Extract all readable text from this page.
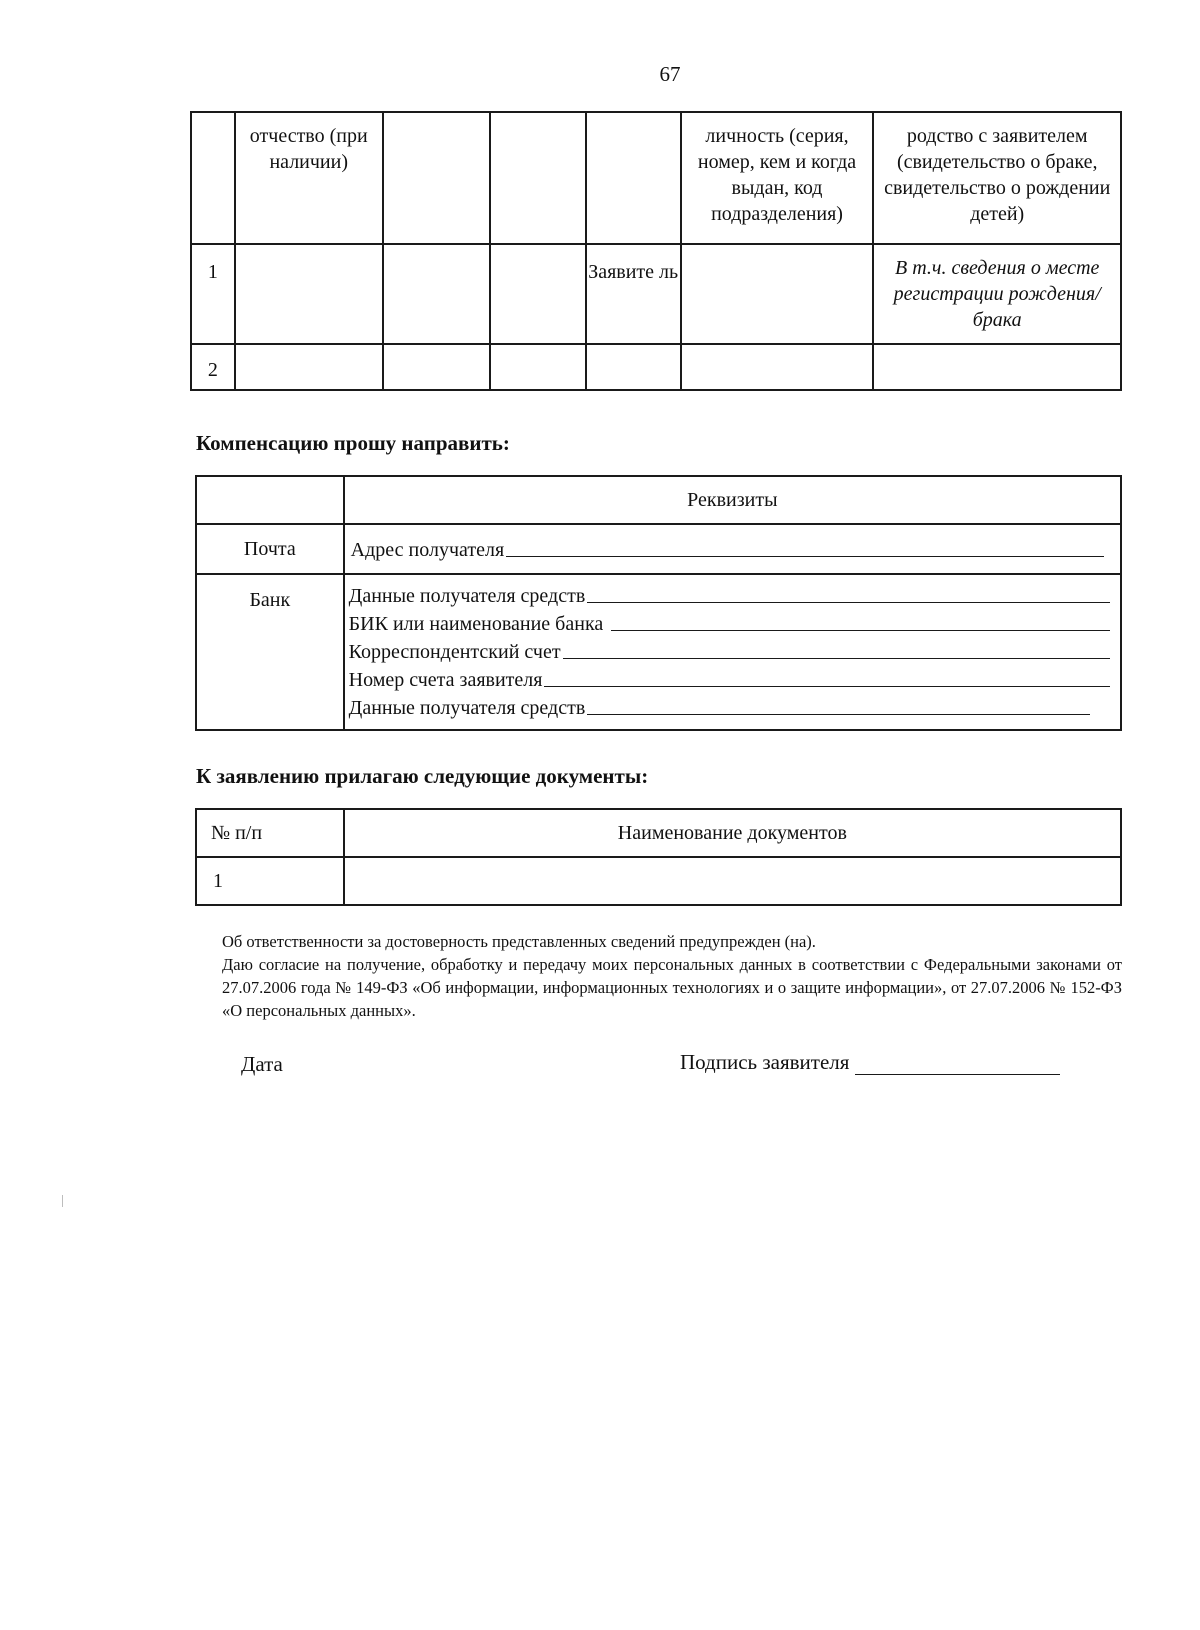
67

	отчество (при наличии)				личность (серия, номер, кем и когда выдан, код подразделения)	родство с заявителем (свидетельство о браке, свидетельство о рождении детей)

1				Заявите ль		В т.ч. сведения о месте регистрации рождения/брака

2						

Компенсацию прошу направить:
	Реквизиты
Почта	Адрес получателя

Банк	Данные получателя средств
БИК или наименование банка
Корреспондентский счет
Номер счета заявителя
Данные получателя средств
К заявлению прилагаю следующие документы:
№ п/п	Наименование документов
1	

Об ответственности за достоверность представленных сведений предупрежден (на).

Даю согласие на получение, обработку и передачу моих персональных данных в соответствии с Федеральными законами от 27.07.2006 года № 149-ФЗ «Об информации, информационных технологиях и о защите информации», от 27.07.2006 № 152-ФЗ «О персональных данных».

Дата	Подпись заявителя
